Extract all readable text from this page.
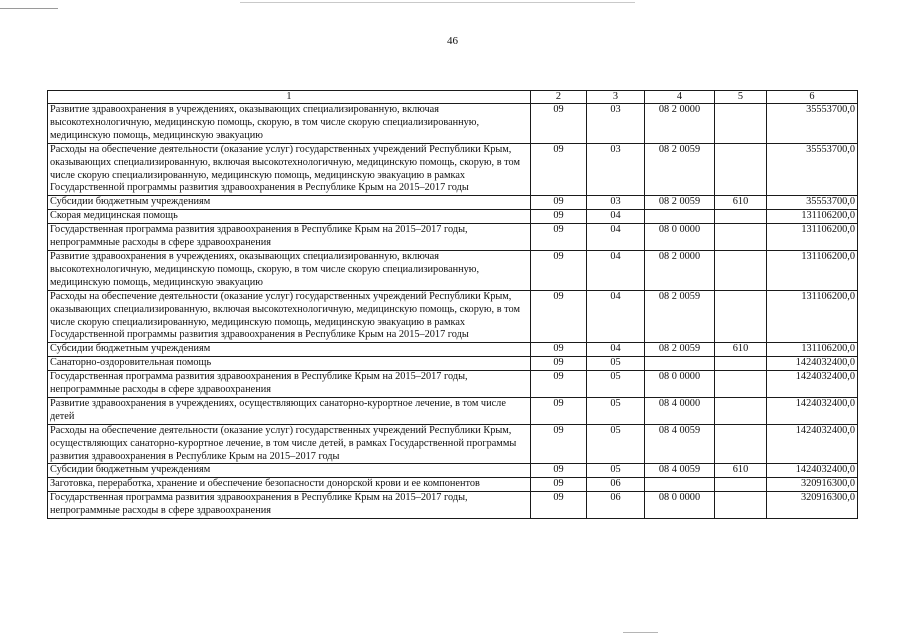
46
1	2	3	4	5	6
Развитие здравоохранения в учреждениях, оказывающих специализированную, включая высокотехнологичную, медицинскую помощь, скорую, в том числе скорую специализированную, медицинскую помощь, медицинскую эвакуацию	09	03	08 2 0000		35553700,0
Расходы на обеспечение деятельности (оказание услуг) государственных учреждений Республики Крым, оказывающих специализированную, включая высокотехнологичную, медицинскую помощь, скорую, в том числе скорую специализированную, медицинскую помощь, медицинскую эвакуацию в рамках Государственной программы развития здравоохранения в Республике Крым на 2015–2017 годы	09	03	08 2 0059		35553700,0
Субсидии бюджетным учреждениям	09	03	08 2 0059	610	35553700,0
Скорая медицинская помощь	09	04			131106200,0
Государственная программа развития здравоохранения в Республике Крым на 2015–2017 годы, непрограммные расходы в сфере здравоохранения	09	04	08 0 0000		131106200,0
Развитие здравоохранения в учреждениях, оказывающих специализированную, включая высокотехнологичную, медицинскую помощь, скорую, в том числе скорую специализированную, медицинскую помощь, медицинскую эвакуацию	09	04	08 2 0000		131106200,0
Расходы на обеспечение деятельности (оказание услуг) государственных учреждений Республики Крым, оказывающих специализированную, включая высокотехнологичную, медицинскую помощь, скорую, в том числе скорую специализированную, медицинскую помощь, медицинскую эвакуацию в рамках Государственной программы развития здравоохранения в Республике Крым на 2015–2017 годы	09	04	08 2 0059		131106200,0
Субсидии бюджетным учреждениям	09	04	08 2 0059	610	131106200,0
Санаторно-оздоровительная помощь	09	05			1424032400,0
Государственная программа развития здравоохранения в Республике Крым на 2015–2017 годы, непрограммные расходы в сфере здравоохранения	09	05	08 0 0000		1424032400,0
Развитие здравоохранения в учреждениях, осуществляющих санаторно-курортное лечение, в том числе детей	09	05	08 4 0000		1424032400,0
Расходы на обеспечение деятельности (оказание услуг) государственных учреждений Республики Крым, осуществляющих санаторно-курортное лечение, в том числе детей, в рамках Государственной программы развития здравоохранения в Республике Крым на 2015–2017 годы	09	05	08 4 0059		1424032400,0
Субсидии бюджетным учреждениям	09	05	08 4 0059	610	1424032400,0
Заготовка, переработка, хранение и обеспечение безопасности донорской крови и ее компонентов	09	06			320916300,0
Государственная программа развития здравоохранения в Республике Крым на 2015–2017 годы, непрограммные расходы в сфере здравоохранения	09	06	08 0 0000		320916300,0
